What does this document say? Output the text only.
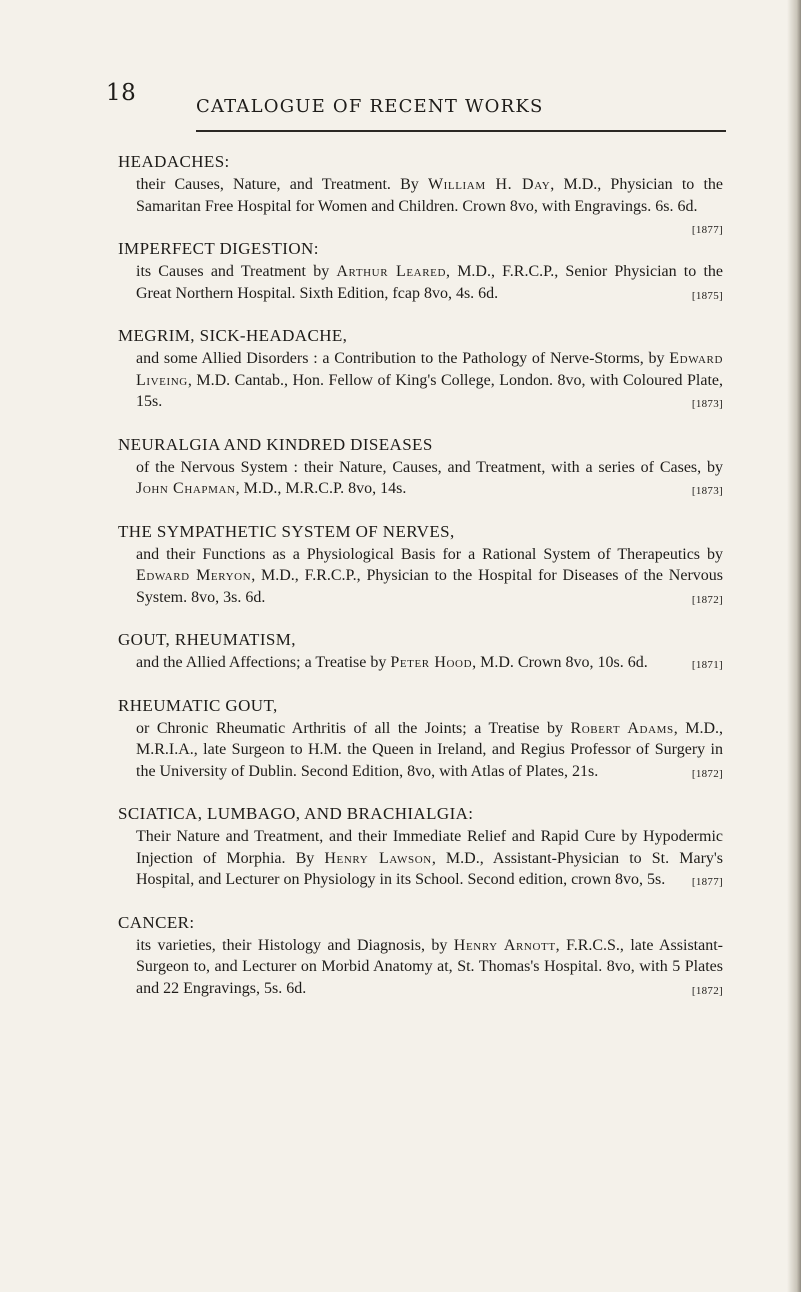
18
CATALOGUE OF RECENT WORKS
HEADACHES:
their Causes, Nature, and Treatment. By William H. Day, M.D., Physician to the Samaritan Free Hospital for Women and Children. Crown 8vo, with Engravings. 6s. 6d.
[1877]
IMPERFECT DIGESTION:
its Causes and Treatment by Arthur Leared, M.D., F.R.C.P., Senior Physician to the Great Northern Hospital. Sixth Edition, fcap 8vo, 4s. 6d.	[1875]
MEGRIM, SICK-HEADACHE,
and some Allied Disorders : a Contribution to the Pathology of Nerve-Storms, by Edward Liveing, M.D. Cantab., Hon. Fellow of King's College, London. 8vo, with Coloured Plate, 15s.	[1873]
NEURALGIA AND KINDRED DISEASES
of the Nervous System : their Nature, Causes, and Treatment, with a series of Cases, by John Chapman, M.D., M.R.C.P. 8vo, 14s.	[1873]
THE SYMPATHETIC SYSTEM OF NERVES,
and their Functions as a Physiological Basis for a Rational System of Therapeutics by Edward Meryon, M.D., F.R.C.P., Physician to the Hospital for Diseases of the Nervous System. 8vo, 3s. 6d.	[1872]
GOUT, RHEUMATISM,
and the Allied Affections; a Treatise by Peter Hood, M.D. Crown 8vo, 10s. 6d.	[1871]
RHEUMATIC GOUT,
or Chronic Rheumatic Arthritis of all the Joints; a Treatise by Robert Adams, M.D., M.R.I.A., late Surgeon to H.M. the Queen in Ireland, and Regius Professor of Surgery in the University of Dublin. Second Edition, 8vo, with Atlas of Plates, 21s.	[1872]
SCIATICA, LUMBAGO, AND BRACHIALGIA:
Their Nature and Treatment, and their Immediate Relief and Rapid Cure by Hypodermic Injection of Morphia. By Henry Lawson, M.D., Assistant-Physician to St. Mary's Hospital, and Lecturer on Physiology in its School. Second edition, crown 8vo, 5s. [1877]
CANCER:
its varieties, their Histology and Diagnosis, by Henry Arnott, F.R.C.S., late Assistant-Surgeon to, and Lecturer on Morbid Anatomy at, St. Thomas's Hospital. 8vo, with 5 Plates and 22 Engravings, 5s. 6d.	[1872]
